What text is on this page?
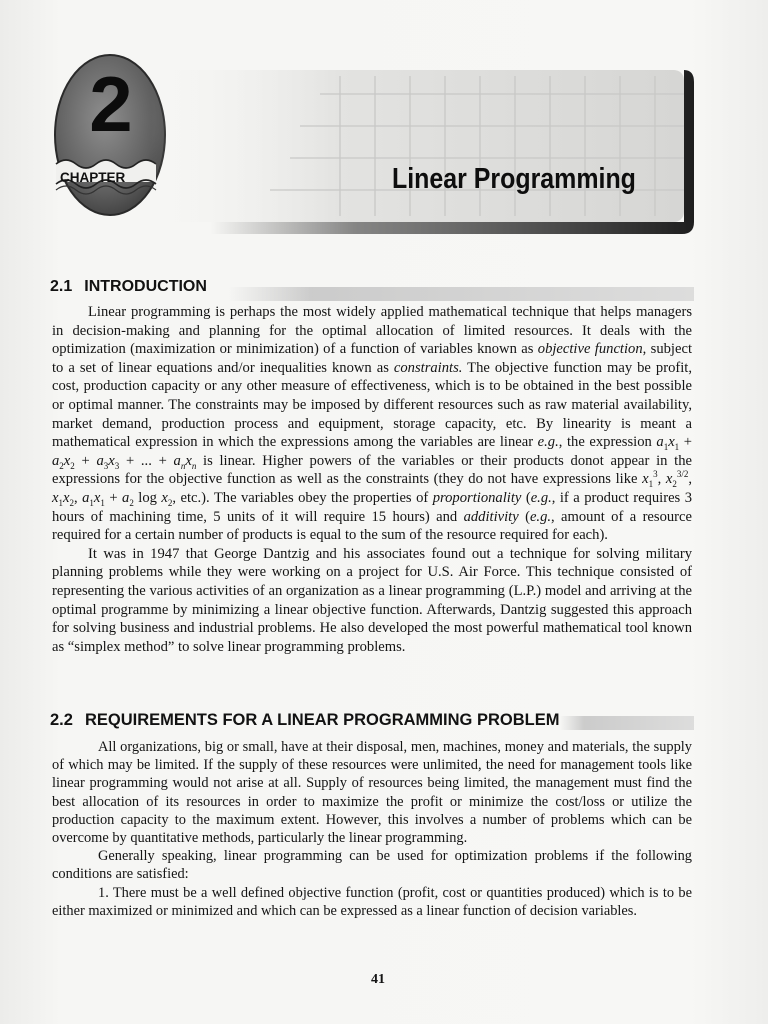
2
CHAPTER	Linear Programming
2.1 INTRODUCTION

Linear programming is perhaps the most widely applied mathematical technique that helps managers in decision-making and planning for the optimal allocation of limited resources. It deals with the optimization (maximization or minimization) of a function of variables known as objective function, subject to a set of linear equations and/or inequalities known as constraints. The objective function may be profit, cost, production capacity or any other measure of effectiveness, which is to be obtained in the best possible or optimal manner. The constraints may be imposed by different resources such as raw material availability, market demand, production process and equipment, storage capacity, etc. By linearity is meant a mathematical expression in which the expressions among the variables are linear e.g., the expression $a_1x_1 + a_2x_2 + a_3x_3$ + ... + $a_nx_n$ is linear. Higher powers of the variables or their products donot appear in the expressions for the objective function as well as the constraints (they do not have expressions like $x_1^3$, $x_2^{3/2}$, $x_1x_2$, $a_1x_1 + a_2$ $\log x_2$, etc.). The variables obey the properties of proportionality (e.g., if a product requires 3 hours of machining time, 5 units of it will require 15 hours) and additivity (e.g., amount of a resource required for a certain number of products is equal to the sum of the resource required for each).

It was in 1947 that George Dantzig and his associates found out a technique for solving military planning problems while they were working on a project for U.S. Air Force. This technique consisted of representing the various activities of an organization as a linear programming (L.P.) model and arriving at the optimal programme by minimizing a linear objective function. Afterwards, Dantzig suggested this approach for solving business and industrial problems. He also developed the most powerful mathematical tool known as “simplex method” to solve linear programming problems.

2.2 REQUIREMENTS FOR A LINEAR PROGRAMMING PROBLEM

All organizations, big or small, have at their disposal, men, machines, money and materials, the supply of which may be limited. If the supply of these resources were unlimited, the need for management tools like linear programming would not arise at all. Supply of resources being limited, the management must find the best allocation of its resources in order to maximize the profit or minimize the cost/loss or utilize the production capacity to the maximum extent. However, this involves a number of problems which can be overcome by quantitative methods, particularly the linear programming.

Generally speaking, linear programming can be used for optimization problems if the following conditions are satisfied:

1. There must be a well defined objective function (profit, cost or quantities produced) which is to be either maximized or minimized and which can be expressed as a linear function of decision variables.

41
